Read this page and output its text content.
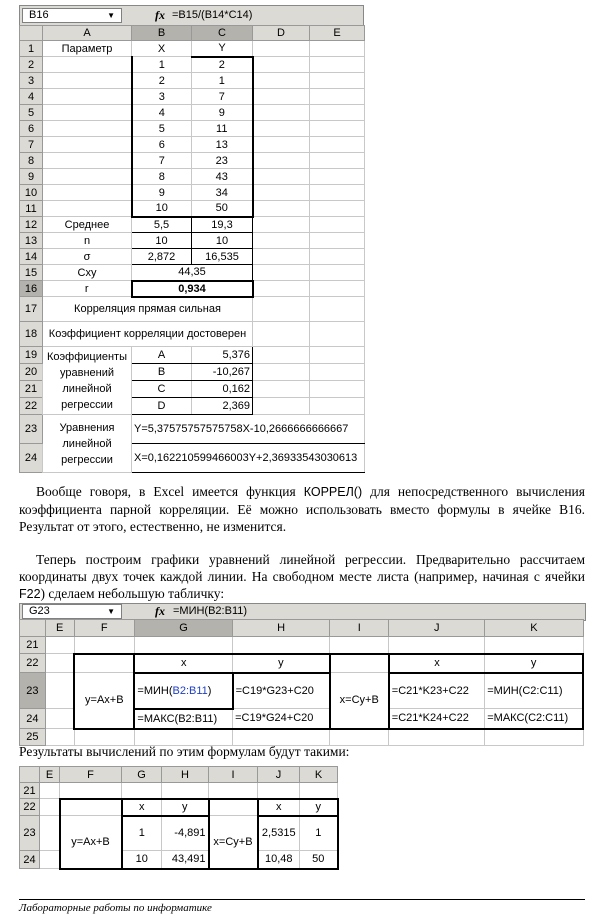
B16	▼	fx =B15/(B14*C14)
	A	B	C	D	E
1	Параметр	X	Y		
2		1	2		
3		2	1		
4		3	7		
5		4	9		
6		5	11		
7		6	13		
8		7	23		
9		8	43		
10		9	34		
11		10	50		
12	Среднее	5,5	19,3		
13	n	10	10		
14	σ	2,872	16,535		
15	Cxy	44,35			
16	r	0,934			
17	Корреляция прямая сильная				
18	Коэффициент корреляции достоверен				
19	Коэффициенты уравнений линейной регрессии	A	5,376		
20		B	-10,267		
21		C	0,162		
22		D	2,369		
23	Уравнения линейной регрессии	Y=5,37575757575758X-10,2666666666667			
24		X=0,162210599466003Y+2,36933543030613			
Вообще говоря, в Excel имеется функция КОРРЕЛ() для непосредственного вычисления коэффициента парной корреляции. Её можно использовать вместо формулы в ячейке B16. Результат от этого, естественно, не изменится.
Теперь построим графики уравнений линейной регрессии. Предварительно рассчитаем координаты двух точек каждой линии. На свободном месте листа (например, начиная с ячейки F22) сделаем небольшую табличку:
G23	▼	fx =МИН(B2:B11)
	E	F	G	H	I	J	K
21							
22			x	y		x	y
23		y=Ax+B	=МИН(B2:B11)	=C19*G23+C20	x=Cy+B	=C21*K23+C22	=МИН(C2:C11)
24			=МАКС(B2:B11)	=C19*G24+C20		=C21*K24+C22	=МАКС(C2:C11)
25							
Результаты вычислений по этим формулам будут такими:
	E	F	G	H	I	J	K
21							
22			x	y		x	y
23		y=Ax+B	1	-4,891	x=Cy+B	2,5315	1
24			10	43,491		10,48	50
Лабораторные работы по информатике
